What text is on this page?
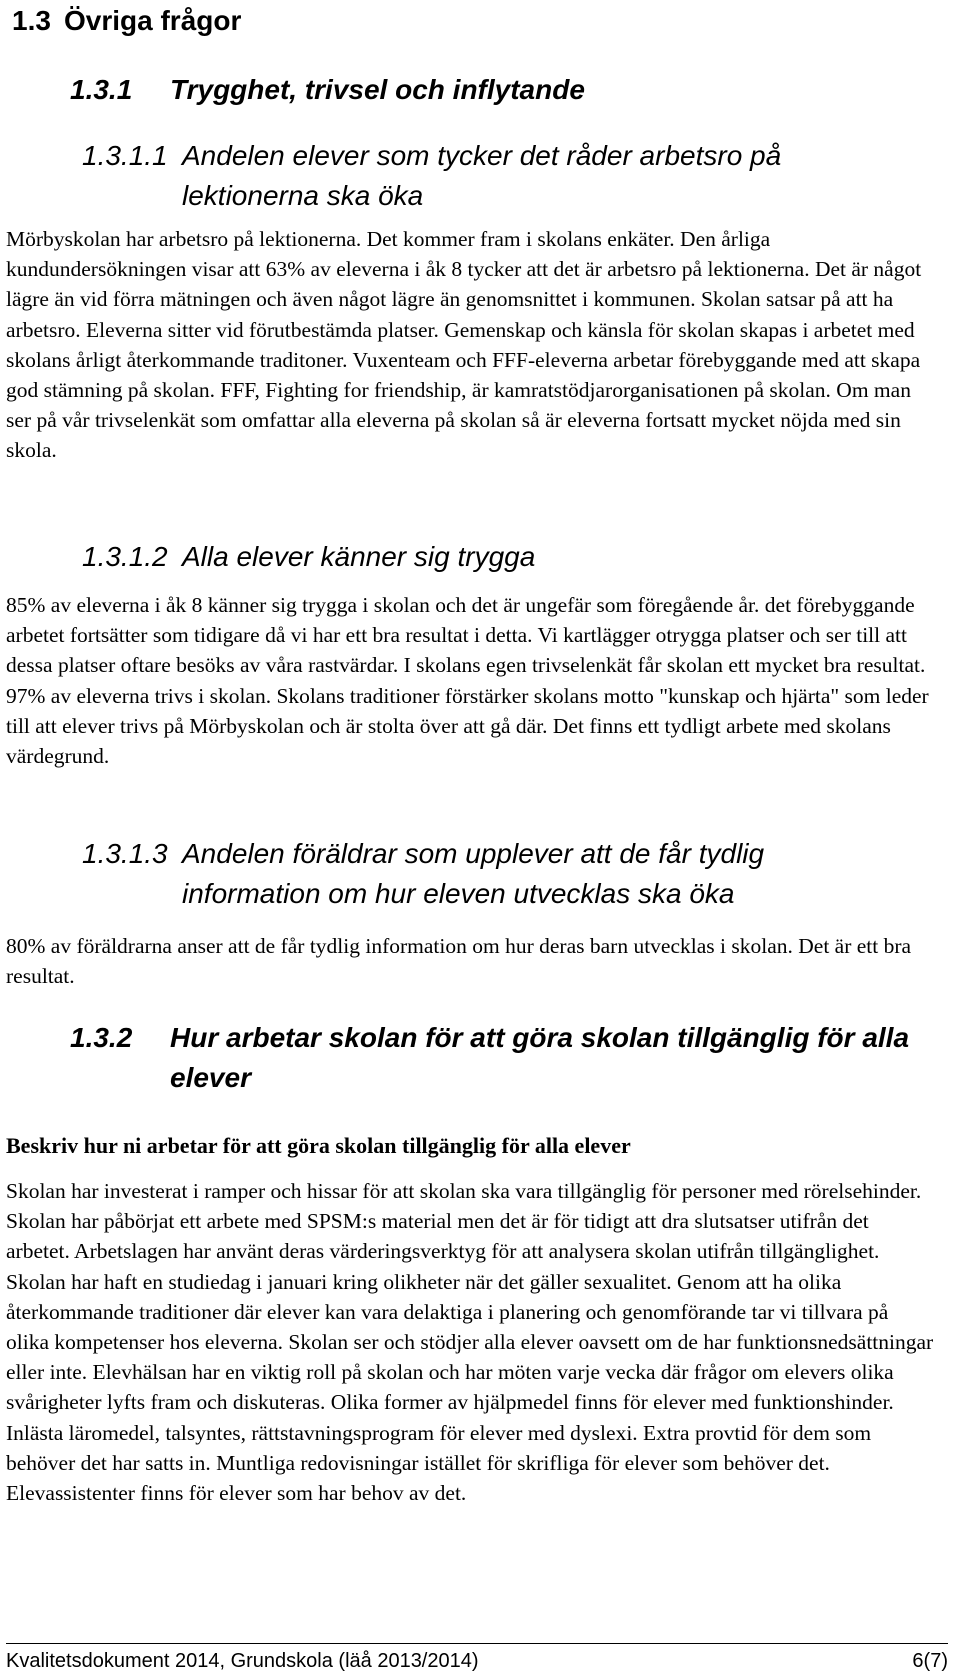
1.3 Övriga frågor
1.3.1 Trygghet, trivsel och inflytande
1.3.1.1 Andelen elever som tycker det råder arbetsro på lektionerna ska öka
Mörbyskolan har arbetsro på lektionerna. Det kommer fram i skolans enkäter. Den årliga kundundersökningen visar att 63% av eleverna i åk 8 tycker att det är arbetsro på lektionerna. Det är något lägre än vid förra mätningen och även något lägre än genomsnittet i kommunen. Skolan satsar på att ha arbetsro. Eleverna sitter vid förutbestämda platser. Gemenskap och känsla för skolan skapas i arbetet med skolans årligt återkommande traditoner. Vuxenteam och FFF-eleverna arbetar förebyggande med att skapa god stämning på skolan. FFF, Fighting for friendship, är kamratstödjarorganisationen på skolan. Om man ser på vår trivselenkät som omfattar alla eleverna på skolan så är eleverna fortsatt mycket nöjda med sin skola.
1.3.1.2 Alla elever känner sig trygga
85% av eleverna i åk 8 känner sig trygga i skolan och det är ungefär som föregående år. det förebyggande arbetet fortsätter som tidigare då vi har ett bra resultat i detta. Vi kartlägger otrygga platser och ser till att dessa platser oftare besöks av våra rastvärdar. I skolans egen trivselenkät får skolan ett mycket bra resultat. 97% av eleverna trivs i skolan. Skolans traditioner förstärker skolans motto "kunskap och hjärta" som leder till att elever trivs på Mörbyskolan och är stolta över att gå där. Det finns ett tydligt arbete med skolans värdegrund.
1.3.1.3 Andelen föräldrar som upplever att de får tydlig information om hur eleven utvecklas ska öka
80% av föräldrarna anser att de får tydlig information om hur deras barn utvecklas i skolan. Det är ett bra resultat.
1.3.2 Hur arbetar skolan för att göra skolan tillgänglig för alla elever
Beskriv hur ni arbetar för att göra skolan tillgänglig för alla elever
Skolan har investerat i ramper och hissar för att skolan ska vara tillgänglig för personer med rörelsehinder. Skolan har påbörjat ett arbete med SPSM:s material men det är för tidigt att dra slutsatser utifrån det arbetet. Arbetslagen har använt deras värderingsverktyg för att analysera skolan utifrån tillgänglighet. Skolan har haft en studiedag i januari kring olikheter när det gäller sexualitet. Genom att ha olika återkommande traditioner där elever kan vara delaktiga i planering och genomförande tar vi tillvara på olika kompetenser hos eleverna. Skolan ser och stödjer alla elever oavsett om de har funktionsnedsättningar eller inte. Elevhälsan har en viktig roll på skolan och har möten varje vecka där frågor om elevers olika svårigheter lyfts fram och diskuteras. Olika former av hjälpmedel finns för elever med funktionshinder. Inlästa läromedel, talsyntes, rättstavningsprogram för elever med dyslexi. Extra provtid för dem som behöver det har satts in. Muntliga redovisningar istället för skrifliga för elever som behöver det. Elevassistenter finns för elever som har behov av det.
Kvalitetsdokument 2014, Grundskola (läå 2013/2014)	6(7)
